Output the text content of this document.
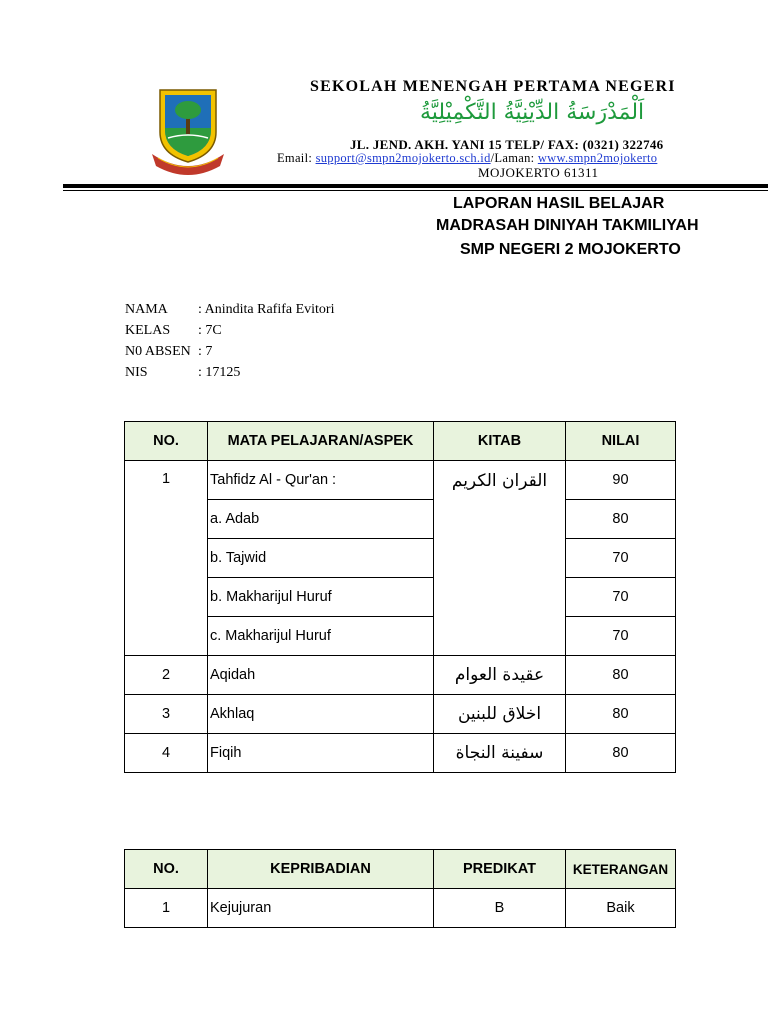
SEKOLAH MENENGAH PERTAMA NEGERI
اَلْمَدْرَسَةُ الدِّيْنِيَّةُ التَّكْمِيْلِيَّةُ
JL. JEND. AKH. YANI 15 TELP/ FAX: (0321) 322746
Email: support@smpn2mojokerto.sch.id/Laman: www.smpn2mojokerto
MOJOKERTO 61311
LAPORAN HASIL BELAJAR
MADRASAH DINIYAH TAKMILIYAH
SMP NEGERI 2 MOJOKERTO
NAMA : Anindita Rafifa Evitori
KELAS : 7C
N0 ABSEN : 7
NIS	: 17125
NO.	MATA PELAJARAN/ASPEK	KITAB	NILAI
1	Tahfidz Al - Qur'an :	القران الكريم	90
	a. Adab		80
	b. Tajwid		70
	b. Makharijul Huruf		70
	c. Makharijul Huruf		70
2	Aqidah	عقيدة العوام	80
3	Akhlaq	اخلاق للبنين	80
4	Fiqih	سفينة النجاة	80
NO.	KEPRIBADIAN	PREDIKAT	KETERANGAN
1	Kejujuran	B	Baik
